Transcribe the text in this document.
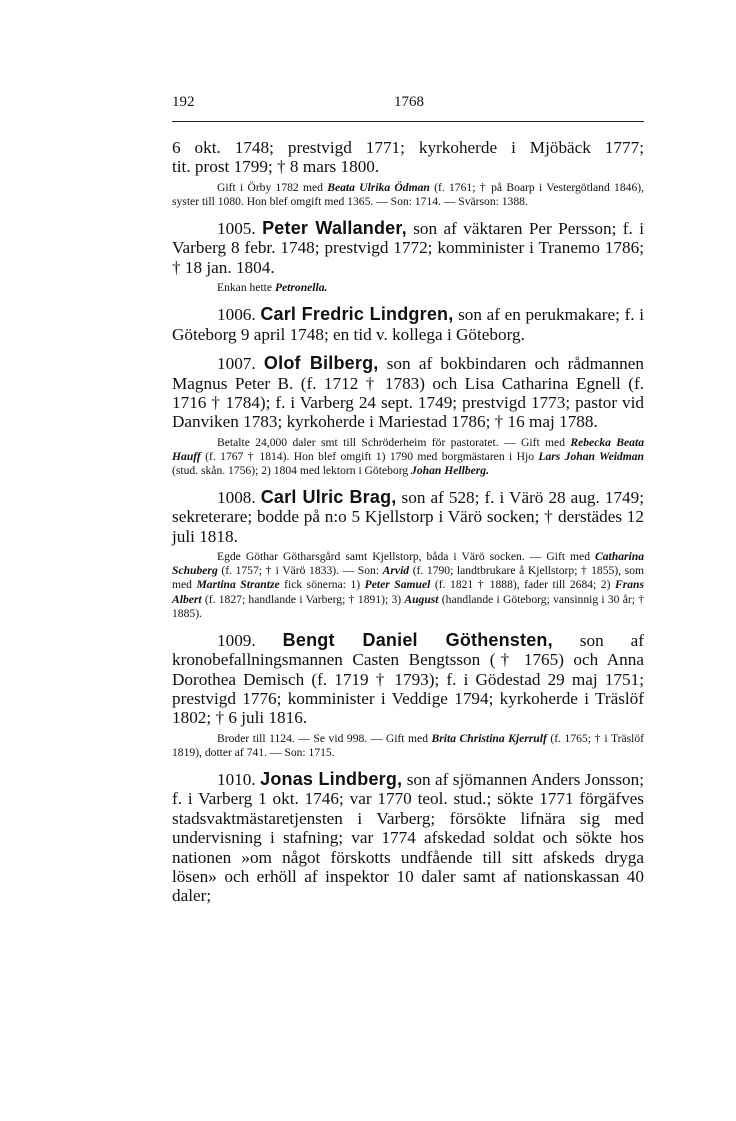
192	1768

6 okt. 1748; prestvigd 1771; kyrkoherde i Mjöbäck 1777;
tit. prost 1799; † 8 mars 1800.

Gift i Örby 1782 med Beata Ulrika Ödman (f. 1761; † på Boarp i Vestergötland 1846), syster till 1080. Hon blef omgift med 1365. — Son: 1714. — Svärson: 1388.

1005. Peter Wallander, son af väktaren Per Persson; f. i Varberg 8 febr. 1748; prestvigd 1772; komminister i Tranemo 1786; † 18 jan. 1804.

Enkan hette Petronella.

1006. Carl Fredric Lindgren, son af en perukmakare; f. i Göteborg 9 april 1748; en tid v. kollega i Göteborg.

1007. Olof Bilberg, son af bokbindaren och rådmannen Magnus Peter B. (f. 1712 † 1783) och Lisa Catharina Egnell (f. 1716 † 1784); f. i Varberg 24 sept. 1749; prestvigd 1773; pastor vid Danviken 1783; kyrkoherde i Mariestad 1786; † 16 maj 1788.

Betalte 24,000 daler smt till Schröderheim för pastoratet. — Gift med Rebecka Beata Hauff (f. 1767 † 1814). Hon blef omgift 1) 1790 med borgmästaren i Hjo Lars Johan Weidman (stud. skån. 1756); 2) 1804 med lektorn i Göteborg Johan Hellberg.

1008. Carl Ulric Brag, son af 528; f. i Värö 28 aug. 1749; sekreterare; bodde på n:o 5 Kjellstorp i Värö socken; † derstädes 12 juli 1818.

Egde Göthar Götharsgård samt Kjellstorp, båda i Värö socken. — Gift med Catharina Schuberg (f. 1757; † i Värö 1833). — Son: Arvid (f. 1790; landtbrukare å Kjellstorp; † 1855), som med Martina Strantze fick sönerna: 1) Peter Samuel (f. 1821 † 1888), fader till 2684; 2) Frans Albert (f. 1827; handlande i Varberg; † 1891); 3) August (handlande i Göteborg; vansinnig i 30 år; † 1885).

1009. Bengt Daniel Göthensten, son af kronobefallningsmannen Casten Bengtsson († 1765) och Anna Dorothea Demisch (f. 1719 † 1793); f. i Gödestad 29 maj 1751; prestvigd 1776; komminister i Veddige 1794; kyrkoherde i Träslöf 1802; † 6 juli 1816.

Broder till 1124. — Se vid 998. — Gift med Brita Christina Kjerrulf (f. 1765; † i Träslöf 1819), dotter af 741. — Son: 1715.

1010. Jonas Lindberg, son af sjömannen Anders Jonsson; f. i Varberg 1 okt. 1746; var 1770 teol. stud.; sökte 1771 förgäfves stadsvaktmästaretjensten i Varberg; försökte lifnära sig med undervisning i stafning; var 1774 afskedad soldat och sökte hos nationen »om något förskotts undfående till sitt afskeds dryga lösen» och erhöll af inspektor 10 daler samt af nationskassan 40 daler;
